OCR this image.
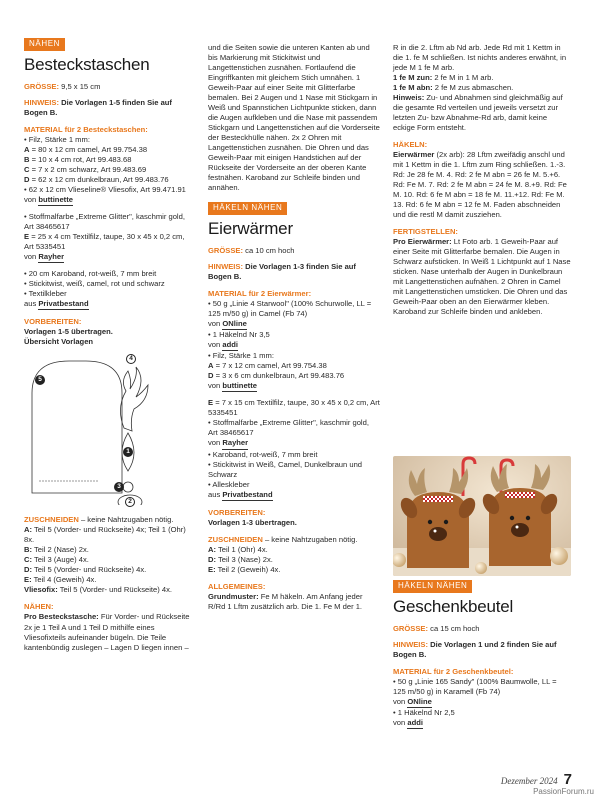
NÄHEN
Besteckstaschen

GRÖSSE: 9,5 x 15 cm

HINWEIS: Die Vorlagen 1-5 finden Sie auf Bogen B.

MATERIAL für 2 Besteckstaschen:

• Filz, Stärke 1 mm:

A = 80 x 12 cm camel, Art 99.754.38

B = 10 x 4 cm rot, Art 99.483.68

C = 7 x 2 cm schwarz, Art 99.483.69

D = 62 x 12 cm dunkelbraun, Art 99.483.76

• 62 x 12 cm Vlieseline® Vliesofix, Art 99.471.91

von buttinette

• Stoffmalfarbe „Extreme Glitter", kaschmir gold, Art 38465617

E = 25 x 4 cm Textilfilz, taupe, 30 x 45 x 0,2 cm, Art 5335451

von Rayher

• 20 cm Karoband, rot-weiß, 7 mm breit

• Stickitwist, weiß, camel, rot und schwarz

• Textilkleber

aus Privatbestand

VORBEREITEN:

Vorlagen 1-5 übertragen.

Übersicht Vorlagen

5
4
1
3
2

ZUSCHNEIDEN – keine Nahtzugaben nötig.

A: Teil 5 (Vorder- und Rückseite) 4x; Teil 1 (Ohr) 8x.

B: Teil 2 (Nase) 2x.

C: Teil 3 (Auge) 4x.

D: Teil 5 (Vorder- und Rückseite) 4x.

E: Teil 4 (Geweih) 4x.

Vliesofix: Teil 5 (Vorder- und Rückseite) 4x.

NÄHEN:

Pro Besteckstasche: Für Vorder- und Rückseite 2x je 1 Teil A und 1 Teil D mithilfe eines Vliesofixteils aufeinander bügeln. Die Teile kantenbündig zuslegen – Lagen D liegen innen –

und die Seiten sowie die unteren Kanten ab und bis Markierung mit Stickitwist und Langettenstichen zusnähen. Fortlaufend die Eingriffkanten mit gleichem Stich umnähen. 1 Geweih-Paar auf einer Seite mit Glitterfarbe bemalen. Bei 2 Augen und 1 Nase mit Stickgarn in Weiß und Spannstichen Lichtpunkte sticken, dann die Augen aufkleben und die Nase mit passendem Stickgarn und Langettenstichen auf die Vorderseite der Besteckhülle nähen. 2x 2 Ohren mit Langettenstichen zusnähen. Die Ohren und das Geweih-Paar mit einigen Handstichen auf der Rückseite der Vorderseite an der oberen Kante festnähen. Karoband zur Schleife binden und annähen.

HÄKELN NÄHEN
Eierwärmer

GRÖSSE: ca 10 cm hoch

HINWEIS: Die Vorlagen 1-3 finden Sie auf Bogen B.

MATERIAL für 2 Eierwärmer:

• 50 g „Linie 4 Starwool" (100% Schurwolle, LL = 125 m/50 g) in Camel (Fb 74)

von ONline

• 1 Häkelnd Nr 3,5

von addi

• Filz, Stärke 1 mm:

A = 7 x 12 cm camel, Art 99.754.38

D = 3 x 6 cm dunkelbraun, Art 99.483.76

von buttinette

E = 7 x 15 cm Textilfilz, taupe, 30 x 45 x 0,2 cm, Art 5335451

• Stoffmalfarbe „Extreme Glitter", kaschmir gold, Art 38465617

von Rayher

• Karoband, rot-weiß, 7 mm breit

• Stickitwist in Weiß, Camel, Dunkelbraun und Schwarz

• Alleskleber

aus Privatbestand

VORBEREITEN:

Vorlagen 1-3 übertragen.

ZUSCHNEIDEN – keine Nahtzugaben nötig.

A: Teil 1 (Ohr) 4x.

D: Teil 3 (Nase) 2x.

E: Teil 2 (Geweih) 4x.

ALLGEMEINES:

Grundmuster: Fe M häkeln. Am Anfang jeder R/Rd 1 Lftm zusätzlich arb. Die 1. Fe M der 1.

R in die 2. Lftm ab Nd arb. Jede Rd mit 1 Kettm in die 1. fe M schließen. Ist nichts anderes erwähnt, in jede M 1 fe M arb.

1 fe M zun: 2 fe M in 1 M arb.

1 fe M abn: 2 fe M zus abmaschen.

Hinweis: Zu- und Abnahmen sind gleichmäßig auf die gesamte Rd verteilen und jeweils versetzt zur letzten Zu- bzw Abnahme-Rd arb, damit keine eckige Form entsteht.

HÄKELN:

Eierwärmer (2x arb): 28 Lftm zweifädig anschl und mit 1 Kettm in die 1. Lftm zum Ring schließen. 1.-3. Rd: Je 28 fe M. 4. Rd: 2 fe M abn = 26 fe M. 5.+6. Rd: Fe M. 7. Rd: 2 fe M abn = 24 fe M. 8.+9. Rd: Fe M. 10. Rd: 6 fe M abn = 18 fe M. 11.+12. Rd: Fe M. 13. Rd: 6 fe M abn = 12 fe M. Faden abschneiden und die restl M damit zusziehen.

FERTIGSTELLEN:

Pro Eierwärmer: Lt Foto arb. 1 Geweih-Paar auf einer Seite mit Glitterfarbe bemalen. Die Augen in Schwarz aufsticken. In Weiß 1 Lichtpunkt auf 1 Nase sticken. Nase unterhalb der Augen in Dunkelbraun mit Langettenstichen aufnähen. 2 Ohren in Camel mit Langettenstichen umsticken. Die Ohren und das Geweih-Paar oben an den Eierwärmer kleben. Karoband zur Schleife binden und ankleben.

HÄKELN NÄHEN
Geschenkbeutel

GRÖSSE: ca 15 cm hoch

HINWEIS: Die Vorlagen 1 und 2 finden Sie auf Bogen B.

MATERIAL für 2 Geschenkbeutel:

• 50 g „Linie 165 Sandy" (100% Baumwolle, LL = 125 m/50 g) in Karamell (Fb 74)

von ONline

• 1 Häkelnd Nr 2,5

von addi

Dezember 2024 7
PassionForum.ru
